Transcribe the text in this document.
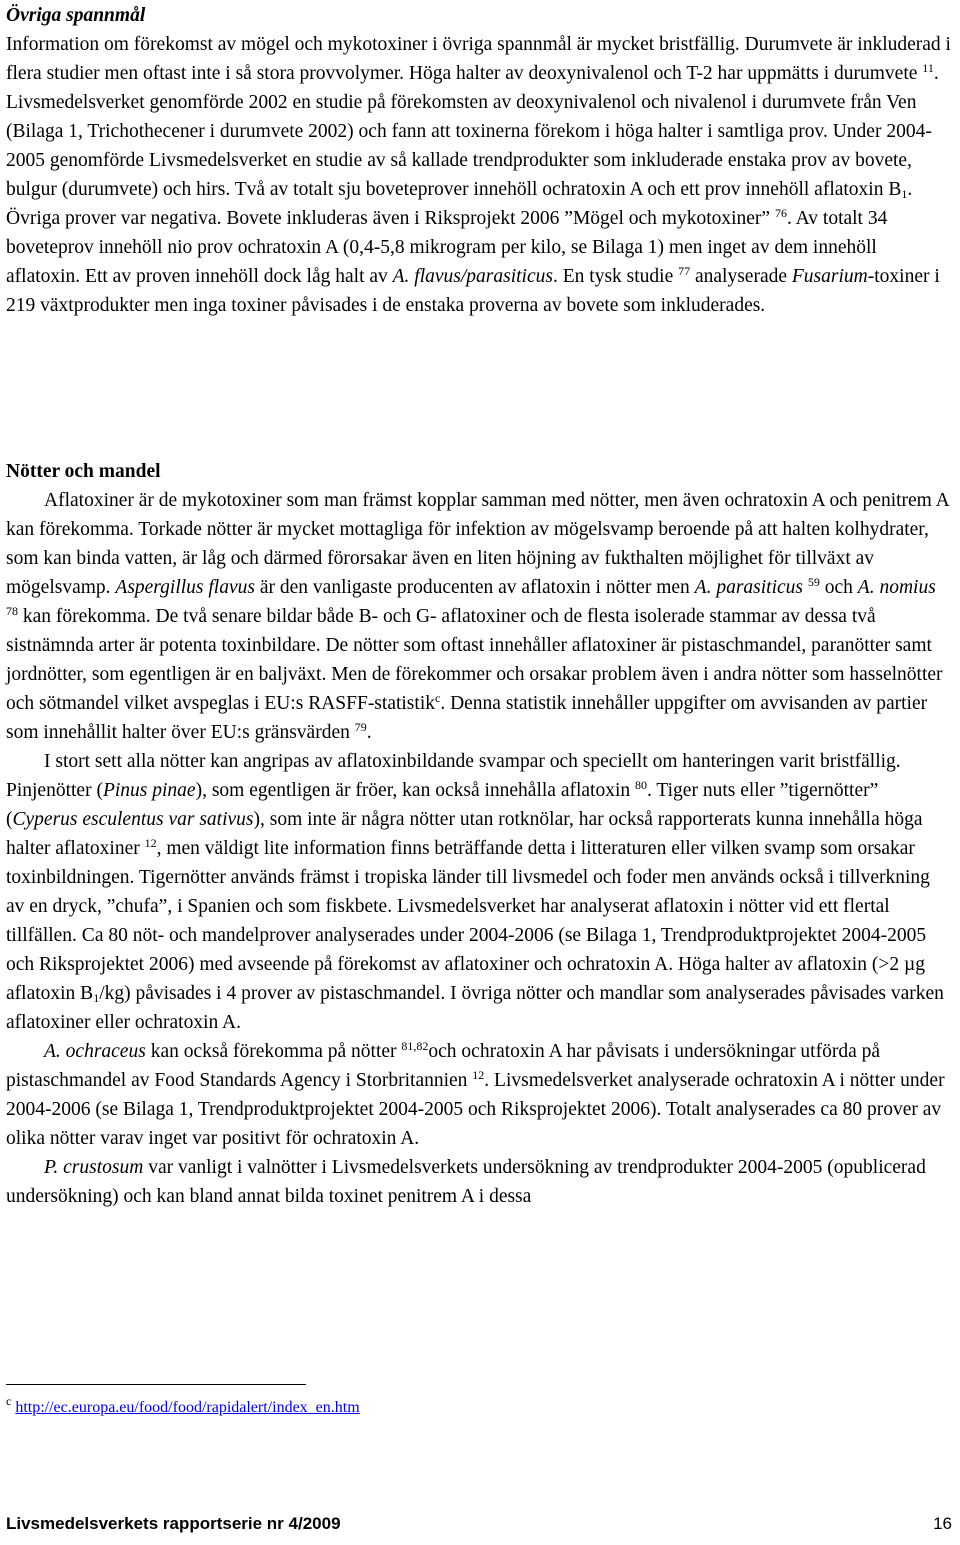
Övriga spannmål

Information om förekomst av mögel och mykotoxiner i övriga spannmål är mycket bristfällig. Durumvete är inkluderad i flera studier men oftast inte i så stora provvolymer. Höga halter av deoxynivalenol och T-2 har uppmätts i durumvete $^{11}$. Livsmedelsverket genomförde 2002 en studie på förekomsten av deoxynivalenol och nivalenol i durumvete från Ven (Bilaga 1, Trichothecener i durumvete 2002) och fann att toxinerna förekom i höga halter i samtliga prov. Under 2004-2005 genomförde Livsmedelsverket en studie av så kallade trendprodukter som inkluderade enstaka prov av bovete, bulgur (durumvete) och hirs. Två av totalt sju boveteprover innehöll ochratoxin A och ett prov innehöll aflatoxin $B_1$. Övriga prover var negativa. Bovete inkluderas även i Riksprojekt 2006 ”Mögel och mykotoxiner” $^{76}$. Av totalt 34 boveteprov innehöll nio prov ochratoxin A (0,4-5,8 mikrogram per kilo, se Bilaga 1) men inget av dem innehöll aflatoxin. Ett av proven innehöll dock låg halt av A. flavus/parasiticus. En tysk studie $^{77}$ analyserade Fusarium-toxiner i 219 växtprodukter men inga toxiner påvisades i de enstaka proverna av bovete som inkluderades.

Nötter och mandel

Aflatoxiner är de mykotoxiner som man främst kopplar samman med nötter, men även ochratoxin A och penitrem A kan förekomma. Torkade nötter är mycket mottagliga för infektion av mögelsvamp beroende på att halten kolhydrater, som kan binda vatten, är låg och därmed förorsakar även en liten höjning av fukthalten möjlighet för tillväxt av mögelsvamp. Aspergillus flavus är den vanligaste producenten av aflatoxin i nötter men A. parasiticus $^{59}$ och A. nomius $^{78}$ kan förekomma. De två senare bildar både B- och G- aflatoxiner och de flesta isolerade stammar av dessa två sistnämnda arter är potenta toxinbildare. De nötter som oftast innehåller aflatoxiner är pistaschmandel, paranötter samt jordnötter, som egentligen är en baljväxt. Men de förekommer och orsakar problem även i andra nötter som hasselnötter och sötmandel vilket avspeglas i EU:s RASFF-statistik$^c$. Denna statistik innehåller uppgifter om avvisanden av partier som innehållit halter över EU:s gränsvärden $^{79}$.

I stort sett alla nötter kan angripas av aflatoxinbildande svampar och speciellt om hanteringen varit bristfällig. Pinjenötter (Pinus pinae), som egentligen är fröer, kan också innehålla aflatoxin $^{80}$. Tiger nuts eller ”tigernötter” (Cyperus esculentus var sativus), som inte är några nötter utan rotknölar, har också rapporterats kunna innehålla höga halter aflatoxiner $^{12}$, men väldigt lite information finns beträffande detta i litteraturen eller vilken svamp som orsakar toxinbildningen. Tigernötter används främst i tropiska länder till livsmedel och foder men används också i tillverkning av en dryck, ”chufa”, i Spanien och som fiskbete. Livsmedelsverket har analyserat aflatoxin i nötter vid ett flertal tillfällen. Ca 80 nöt- och mandelprover analyserades under 2004-2006 (se Bilaga 1, Trendproduktprojektet 2004-2005 och Riksprojektet 2006) med avseende på förekomst av aflatoxiner och ochratoxin A. Höga halter av aflatoxin (>2 µg aflatoxin $B_1/kg$) påvisades i 4 prover av pistaschmandel. I övriga nötter och mandlar som analyserades påvisades varken aflatoxiner eller ochratoxin A.

A. ochraceus kan också förekomma på nötter $^{81,82}$och ochratoxin A har påvisats i undersökningar utförda på pistaschmandel av Food Standards Agency i Storbritannien $^{12}$. Livsmedelsverket analyserade ochratoxin A i nötter under 2004-2006 (se Bilaga 1, Trendproduktprojektet 2004-2005 och Riksprojektet 2006). Totalt analyserades ca 80 prover av olika nötter varav inget var positivt för ochratoxin A.

P. crustosum var vanligt i valnötter i Livsmedelsverkets undersökning av trendprodukter 2004-2005 (opublicerad undersökning) och kan bland annat bilda toxinet penitrem A i dessa

$^c$ http://ec.europa.eu/food/food/rapidalert/index_en.htm
Livsmedelsverkets rapportserie nr 4/2009	16
